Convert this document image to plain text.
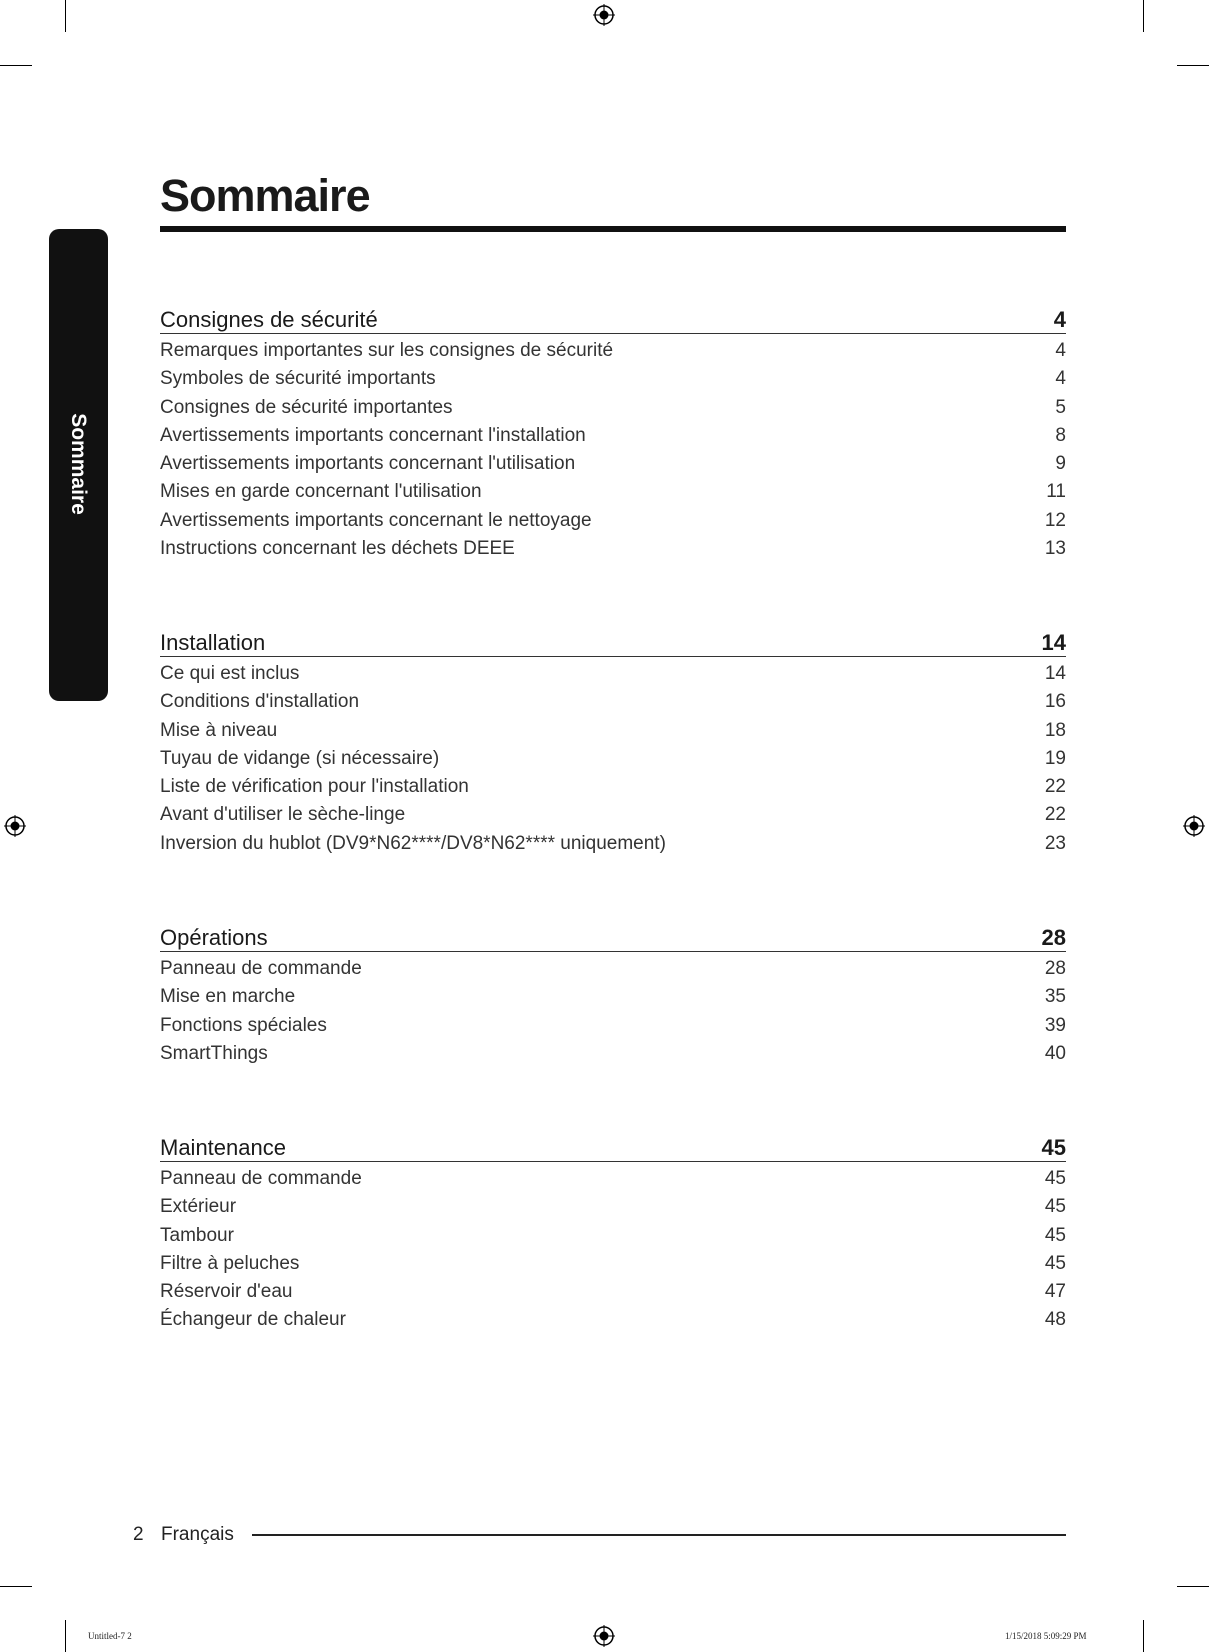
Sommaire
Sommaire
Consignes de sécurité	4
Remarques importantes sur les consignes de sécurité	4
Symboles de sécurité importants	4
Consignes de sécurité importantes	5
Avertissements importants concernant l'installation	8
Avertissements importants concernant l'utilisation	9
Mises en garde concernant l'utilisation	11
Avertissements importants concernant le nettoyage	12
Instructions concernant les déchets DEEE	13
Installation	14
Ce qui est inclus	14
Conditions d'installation	16
Mise à niveau	18
Tuyau de vidange (si nécessaire)	19
Liste de vérification pour l'installation	22
Avant d'utiliser le sèche-linge	22
Inversion du hublot (DV9*N62****/DV8*N62**** uniquement)	23
Opérations	28
Panneau de commande	28
Mise en marche	35
Fonctions spéciales	39
SmartThings	40
Maintenance	45
Panneau de commande	45
Extérieur	45
Tambour	45
Filtre à peluches	45
Réservoir d'eau	47
Échangeur de chaleur	48
2 Français
Untitled-7 2	1/15/2018 5:09:29 PM
